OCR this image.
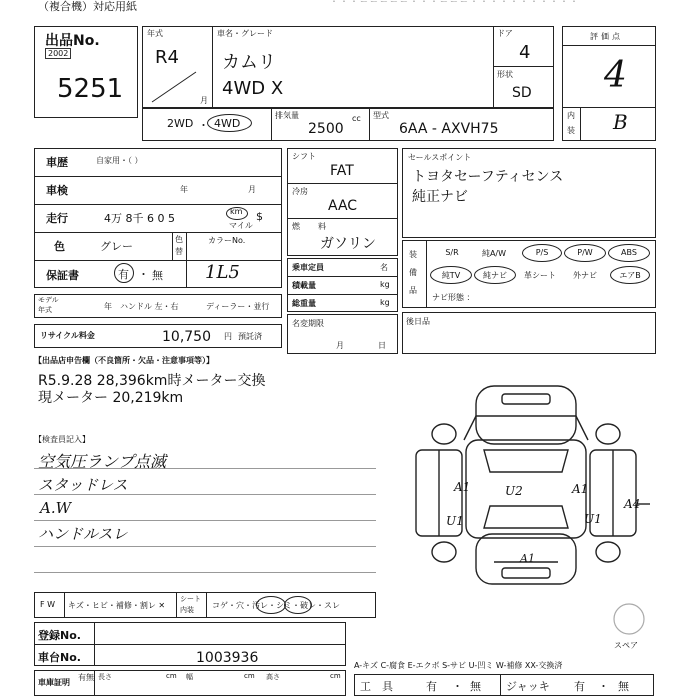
（複合機）対応用紙	・・・ーーーーー・・・ーーー・・・・・・・・・・・
出品No.
2002
5251
年式
R4
月
車名・グレード
カムリ
4WD X
ドア
4
形状
SD
評価点
4
内
装 B
2WD ・ 4WD
排気量
2500
cc 型式
6AA - AXVH75
車歴	自家用・（ ）
車検	年	月
走行	4万 8千 6 0 5
km
マイル
$
色	グレー
色
替
カラーNo.
保証書	有 ・ 無 1L5
モデル
年式	年 ハンドル 左・右	ディーラー・並行
リサイクル料金	10,750 円 預託済
シフト
FAT
冷房
AAC
燃 料
ガソリン
乗車定員	名
積載量	kg
総重量	kg
名変期限
月	日
セールスポイント
トヨタセーフティセンス
純正ナビ
装
備
品
S/R	純A/W	P/S	P/W	ABS
純TV	純ナビ	革シート	外ナビ	エアB
ナビ形態 ：
後日品
【出品店申告欄（不良箇所・欠品・注意事項等）】
R5.9.28 28,396km時メーター交換
現メーター 20,219km
【検査員記入】
空気圧ランプ点滅
スタッドレス
A.W
ハンドルスレ
A1	A1
A1
U1	U1
U2
A4
スペア
F W キズ・ヒビ・補修・割レ ✕
シート
内装 コゲ・穴・汚レ・シミ・破レ・スレ
登録No.
車台No.	1003936
車庫証明
有無 長さ	cm 幅	cm 高さ	cm
A-キズ C-腐食 E-エクボ S-サビ U-凹ミ W-補修 XX-交換済
工　具	有 ・ 無 ジャッキ 有 ・ 無
